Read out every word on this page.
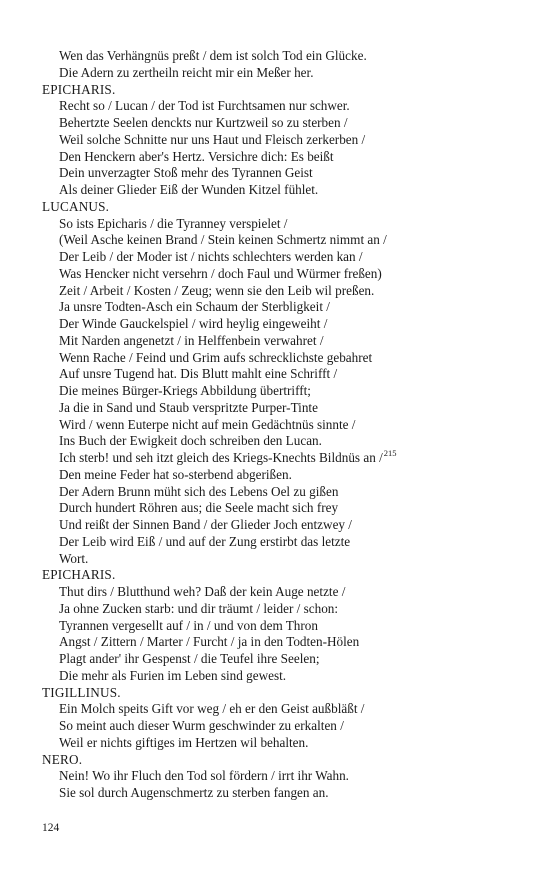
Wen das Verhängnüs preßt / dem ist solch Tod ein Glücke.
Die Adern zu zertheiln reicht mir ein Meßer her.
EPICHARIS.
Recht so / Lucan / der Tod ist Furchtsamen nur schwer.
Behertzte Seelen denckts nur Kurtzweil so zu sterben /
Weil solche Schnitte nur uns Haut und Fleisch zerkerben /
Den Henckern aber's Hertz. Versichre dich: Es beißt
Dein unverzagter Stoß mehr des Tyrannen Geist
Als deiner Glieder Eiß der Wunden Kitzel fühlet.
LUCANUS.
So ists Epicharis / die Tyranney verspielet /
(Weil Asche keinen Brand / Stein keinen Schmertz nimmt an /
Der Leib / der Moder ist / nichts schlechters werden kan /
Was Hencker nicht versehrn / doch Faul und Würmer freßen)
Zeit / Arbeit / Kosten / Zeug; wenn sie den Leib wil preßen.
Ja unsre Todten-Asch ein Schaum der Sterbligkeit /
Der Winde Gauckelspiel / wird heylig eingeweiht /
Mit Narden angenetzt / in Helffenbein verwahret /
Wenn Rache / Feind und Grim aufs schrecklichste gebahret
Auf unsre Tugend hat. Dis Blutt mahlt eine Schrifft /
Die meines Bürger-Kriegs Abbildung übertrifft;
Ja die in Sand und Staub verspritzte Purper-Tinte
Wird / wenn Euterpe nicht auf mein Gedächtnüs sinnte /
Ins Buch der Ewigkeit doch schreiben den Lucan.
Ich sterb! und seh itzt gleich des Kriegs-Knechts Bildnüs an /$^{215}$
Den meine Feder hat so-sterbend abgerißen.
Der Adern Brunn müht sich des Lebens Oel zu gißen
Durch hundert Röhren aus; die Seele macht sich frey
Und reißt der Sinnen Band / der Glieder Joch entzwey /
Der Leib wird Eiß / und auf der Zung erstirbt das letzte
Wort.
EPICHARIS.
Thut dirs / Blutthund weh? Daß der kein Auge netzte /
Ja ohne Zucken starb: und dir träumt / leider / schon:
Tyrannen vergesellt auf / in / und von dem Thron
Angst / Zittern / Marter / Furcht / ja in den Todten-Hölen
Plagt ander' ihr Gespenst / die Teufel ihre Seelen;
Die mehr als Furien im Leben sind gewest.
TIGILLINUS.
Ein Molch speits Gift vor weg / eh er den Geist außbläßt /
So meint auch dieser Wurm geschwinder zu erkalten /
Weil er nichts giftiges im Hertzen wil behalten.
NERO.
Nein! Wo ihr Fluch den Tod sol fördern / irrt ihr Wahn.
Sie sol durch Augenschmertz zu sterben fangen an.
124
